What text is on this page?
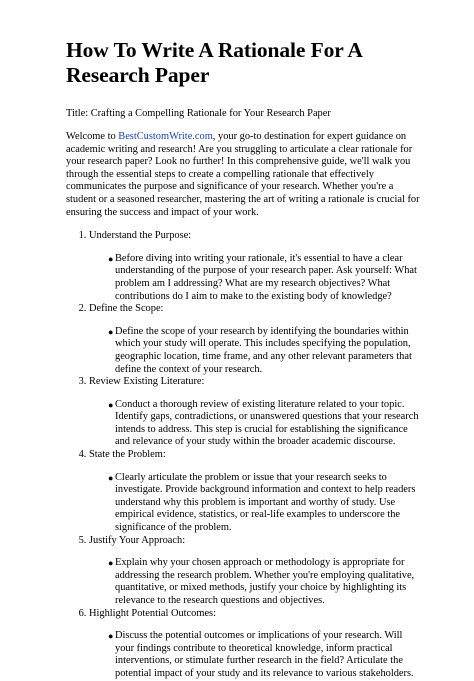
How To Write A Rationale For A Research Paper
Title: Crafting a Compelling Rationale for Your Research Paper

Welcome to BestCustomWrite.com, your go-to destination for expert guidance on academic writing and research! Are you struggling to articulate a clear rationale for your research paper? Look no further! In this comprehensive guide, we'll walk you through the essential steps to create a compelling rationale that effectively communicates the purpose and significance of your research. Whether you're a student or a seasoned researcher, mastering the art of writing a rationale is crucial for ensuring the success and impact of your work.

1. Understand the Purpose:
● Before diving into writing your rationale, it's essential to have a clear understanding of the purpose of your research paper. Ask yourself: What problem am I addressing? What are my research objectives? What contributions do I aim to make to the existing body of knowledge?
2. Define the Scope:
● Define the scope of your research by identifying the boundaries within which your study will operate. This includes specifying the population, geographic location, time frame, and any other relevant parameters that define the context of your research.
3. Review Existing Literature:
● Conduct a thorough review of existing literature related to your topic. Identify gaps, contradictions, or unanswered questions that your research intends to address. This step is crucial for establishing the significance and relevance of your study within the broader academic discourse.
4. State the Problem:
● Clearly articulate the problem or issue that your research seeks to investigate. Provide background information and context to help readers understand why this problem is important and worthy of study. Use empirical evidence, statistics, or real-life examples to underscore the significance of the problem.
5. Justify Your Approach:
● Explain why your chosen approach or methodology is appropriate for addressing the research problem. Whether you're employing qualitative, quantitative, or mixed methods, justify your choice by highlighting its relevance to the research questions and objectives.
6. Highlight Potential Outcomes:
● Discuss the potential outcomes or implications of your research. Will your findings contribute to theoretical knowledge, inform practical interventions, or stimulate further research in the field? Articulate the potential impact of your study and its relevance to various stakeholders.
